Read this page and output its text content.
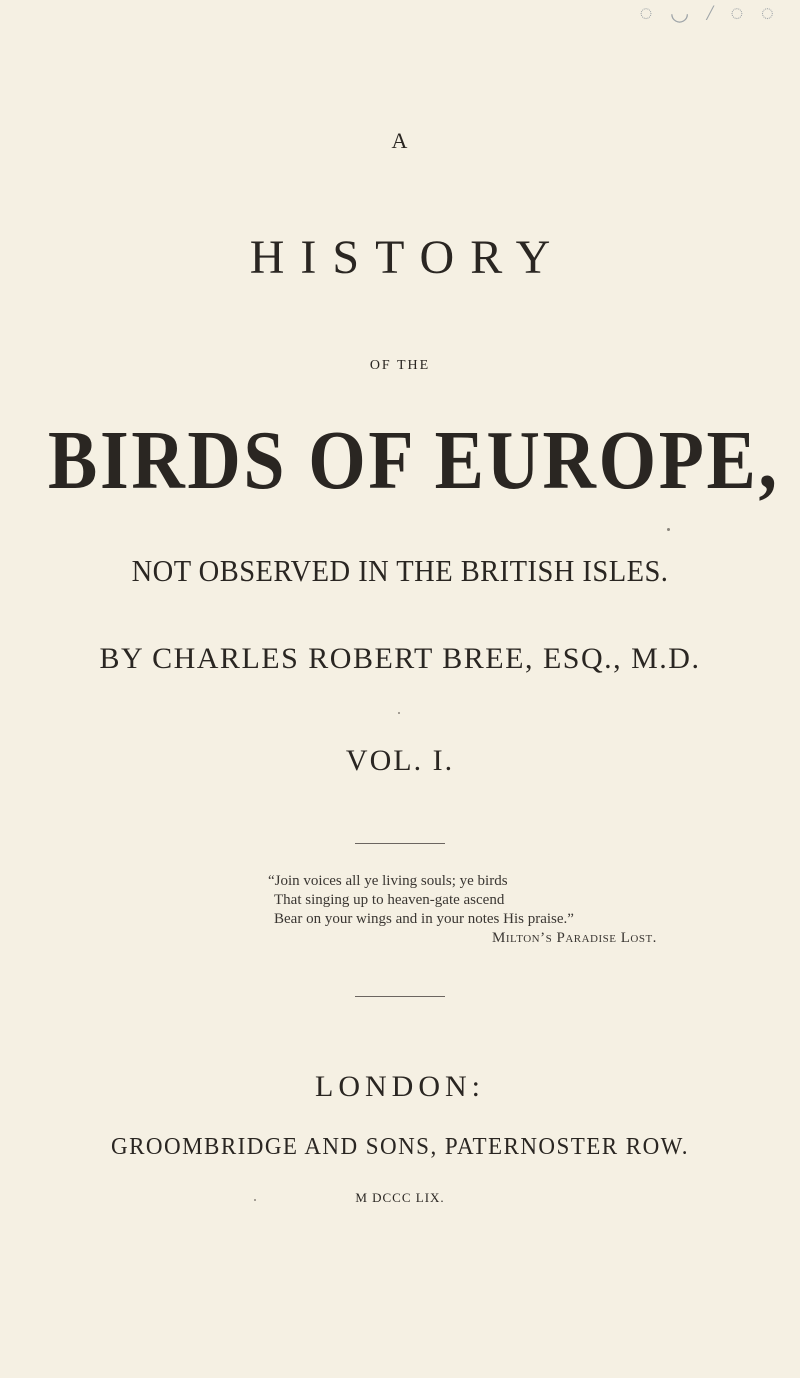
◌ ◡ / ◌ ◌
A
HISTORY
OF THE
BIRDS OF EUROPE,
NOT OBSERVED IN THE BRITISH ISLES.
BY CHARLES ROBERT BREE, ESQ., M.D.
VOL. I.
“Join voices all ye living souls; ye birds
That singing up to heaven-gate ascend
Bear on your wings and in your notes His praise.”
Milton’s Paradise Lost.
LONDON:
GROOMBRIDGE AND SONS, PATERNOSTER ROW.
M DCCC LIX.
